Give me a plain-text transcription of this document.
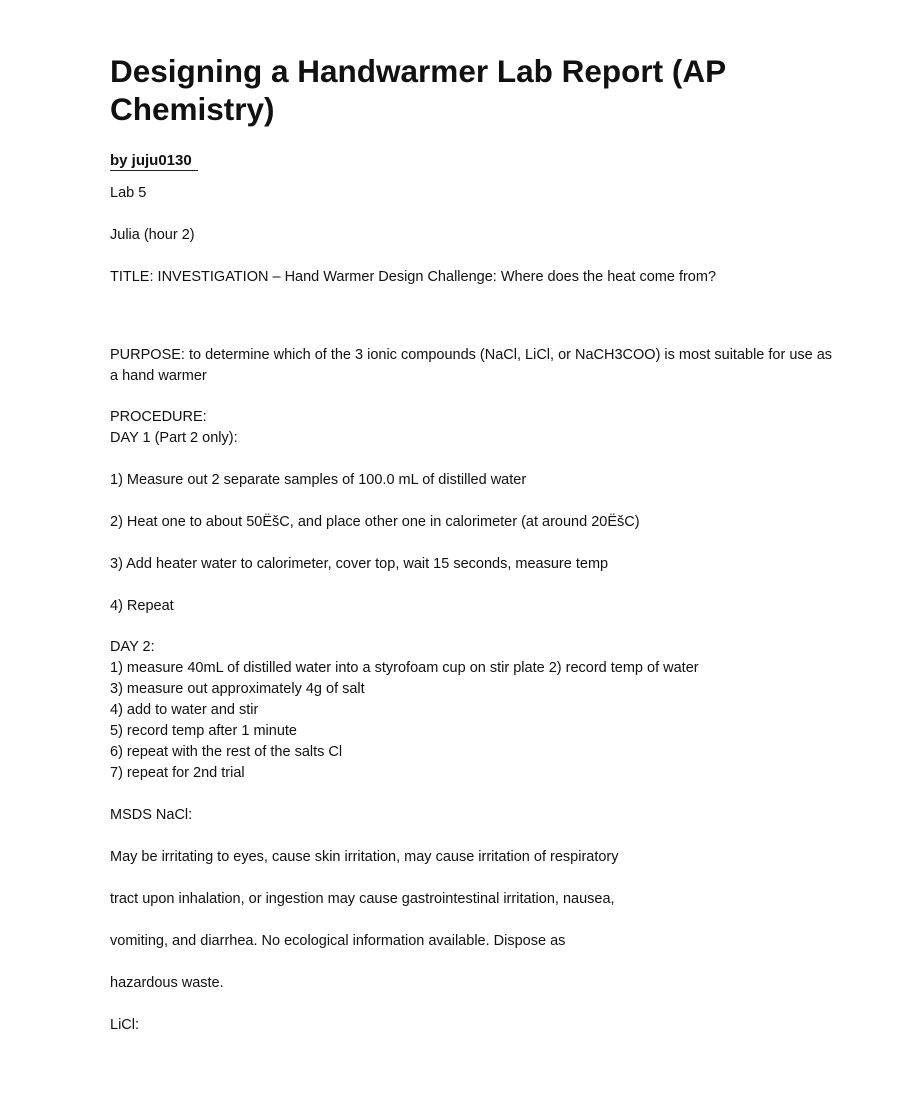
Designing a Handwarmer Lab Report (AP Chemistry)
by juju0130
Lab 5
Julia (hour 2)
TITLE: INVESTIGATION – Hand Warmer Design Challenge: Where does the heat come from?
PURPOSE: to determine which of the 3 ionic compounds (NaCl, LiCl, or NaCH3COO) is most suitable for use as a hand warmer
PROCEDURE:
DAY 1 (Part 2 only):
1) Measure out 2 separate samples of 100.0 mL of distilled water
2) Heat one to about 50ËšC, and place other one in calorimeter (at around 20ËšC)
3) Add heater water to calorimeter, cover top, wait 15 seconds, measure temp
4) Repeat
DAY 2:
1) measure 40mL of distilled water into a styrofoam cup on stir plate 2) record temp of water
3) measure out approximately 4g of salt
4) add to water and stir
5) record temp after 1 minute
6) repeat with the rest of the salts Cl
7) repeat for 2nd trial
MSDS NaCl:
May be irritating to eyes, cause skin irritation, may cause irritation of respiratory
tract upon inhalation, or ingestion may cause gastrointestinal irritation, nausea,
vomiting, and diarrhea. No ecological information available. Dispose as
hazardous waste.
LiCl:
